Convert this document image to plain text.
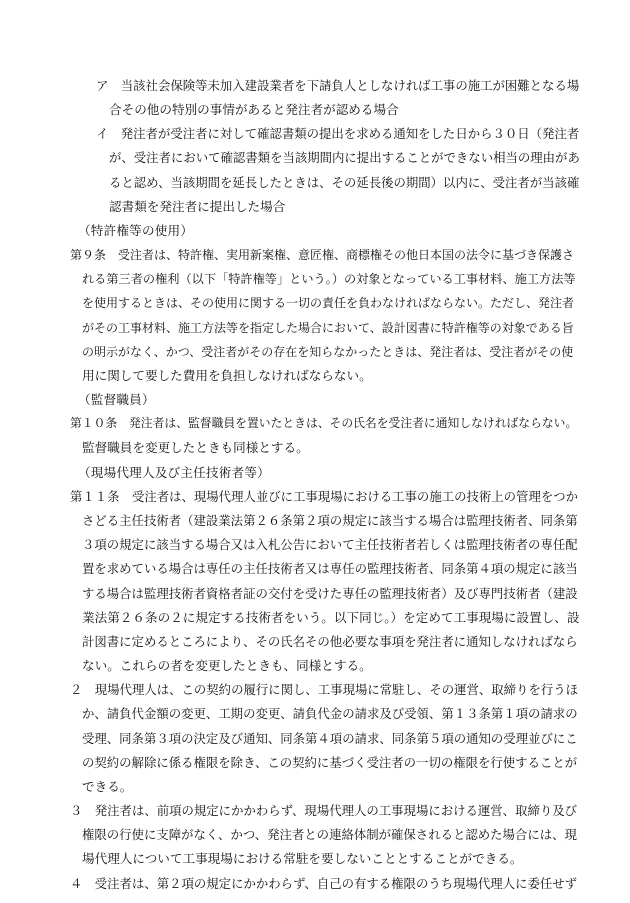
ア　当該社会保険等未加入建設業者を下請負人としなければ工事の施工が困難となる場
合その他の特別の事情があると発注者が認める場合
イ　発注者が受注者に対して確認書類の提出を求める通知をした日から３０日（発注者
が、受注者において確認書類を当該期間内に提出することができない相当の理由があ
ると認め、当該期間を延長したときは、その延長後の期間）以内に、受注者が当該確
認書類を発注者に提出した場合
（特許権等の使用）
第９条　受注者は、特許権、実用新案権、意匠権、商標権その他日本国の法令に基づき保護さ
れる第三者の権利（以下「特許権等」という。）の対象となっている工事材料、施工方法等
を使用するときは、その使用に関する一切の責任を負わなければならない。ただし、発注者
がその工事材料、施工方法等を指定した場合において、設計図書に特許権等の対象である旨
の明示がなく、かつ、受注者がその存在を知らなかったときは、発注者は、受注者がその使
用に関して要した費用を負担しなければならない。
（監督職員）
第１０条　発注者は、監督職員を置いたときは、その氏名を受注者に通知しなければならない。
監督職員を変更したときも同様とする。
（現場代理人及び主任技術者等）
第１１条　受注者は、現場代理人並びに工事現場における工事の施工の技術上の管理をつか
さどる主任技術者（建設業法第２６条第２項の規定に該当する場合は監理技術者、同条第
３項の規定に該当する場合又は入札公告において主任技術者若しくは監理技術者の専任配
置を求めている場合は専任の主任技術者又は専任の監理技術者、同条第４項の規定に該当
する場合は監理技術者資格者証の交付を受けた専任の監理技術者）及び専門技術者（建設
業法第２６条の２に規定する技術者をいう。以下同じ。）を定めて工事現場に設置し、設
計図書に定めるところにより、その氏名その他必要な事項を発注者に通知しなければなら
ない。これらの者を変更したときも、同様とする。
２　現場代理人は、この契約の履行に関し、工事現場に常駐し、その運営、取締りを行うほ
か、請負代金額の変更、工期の変更、請負代金の請求及び受領、第１３条第１項の請求の
受理、同条第３項の決定及び通知、同条第４項の請求、同条第５項の通知の受理並びにこ
の契約の解除に係る権限を除き、この契約に基づく受注者の一切の権限を行使することが
できる。
３　発注者は、前項の規定にかかわらず、現場代理人の工事現場における運営、取締り及び
権限の行使に支障がなく、かつ、発注者との連絡体制が確保されると認めた場合には、現
場代理人について工事現場における常駐を要しないこととすることができる。
４　受注者は、第２項の規定にかかわらず、自己の有する権限のうち現場代理人に委任せず
